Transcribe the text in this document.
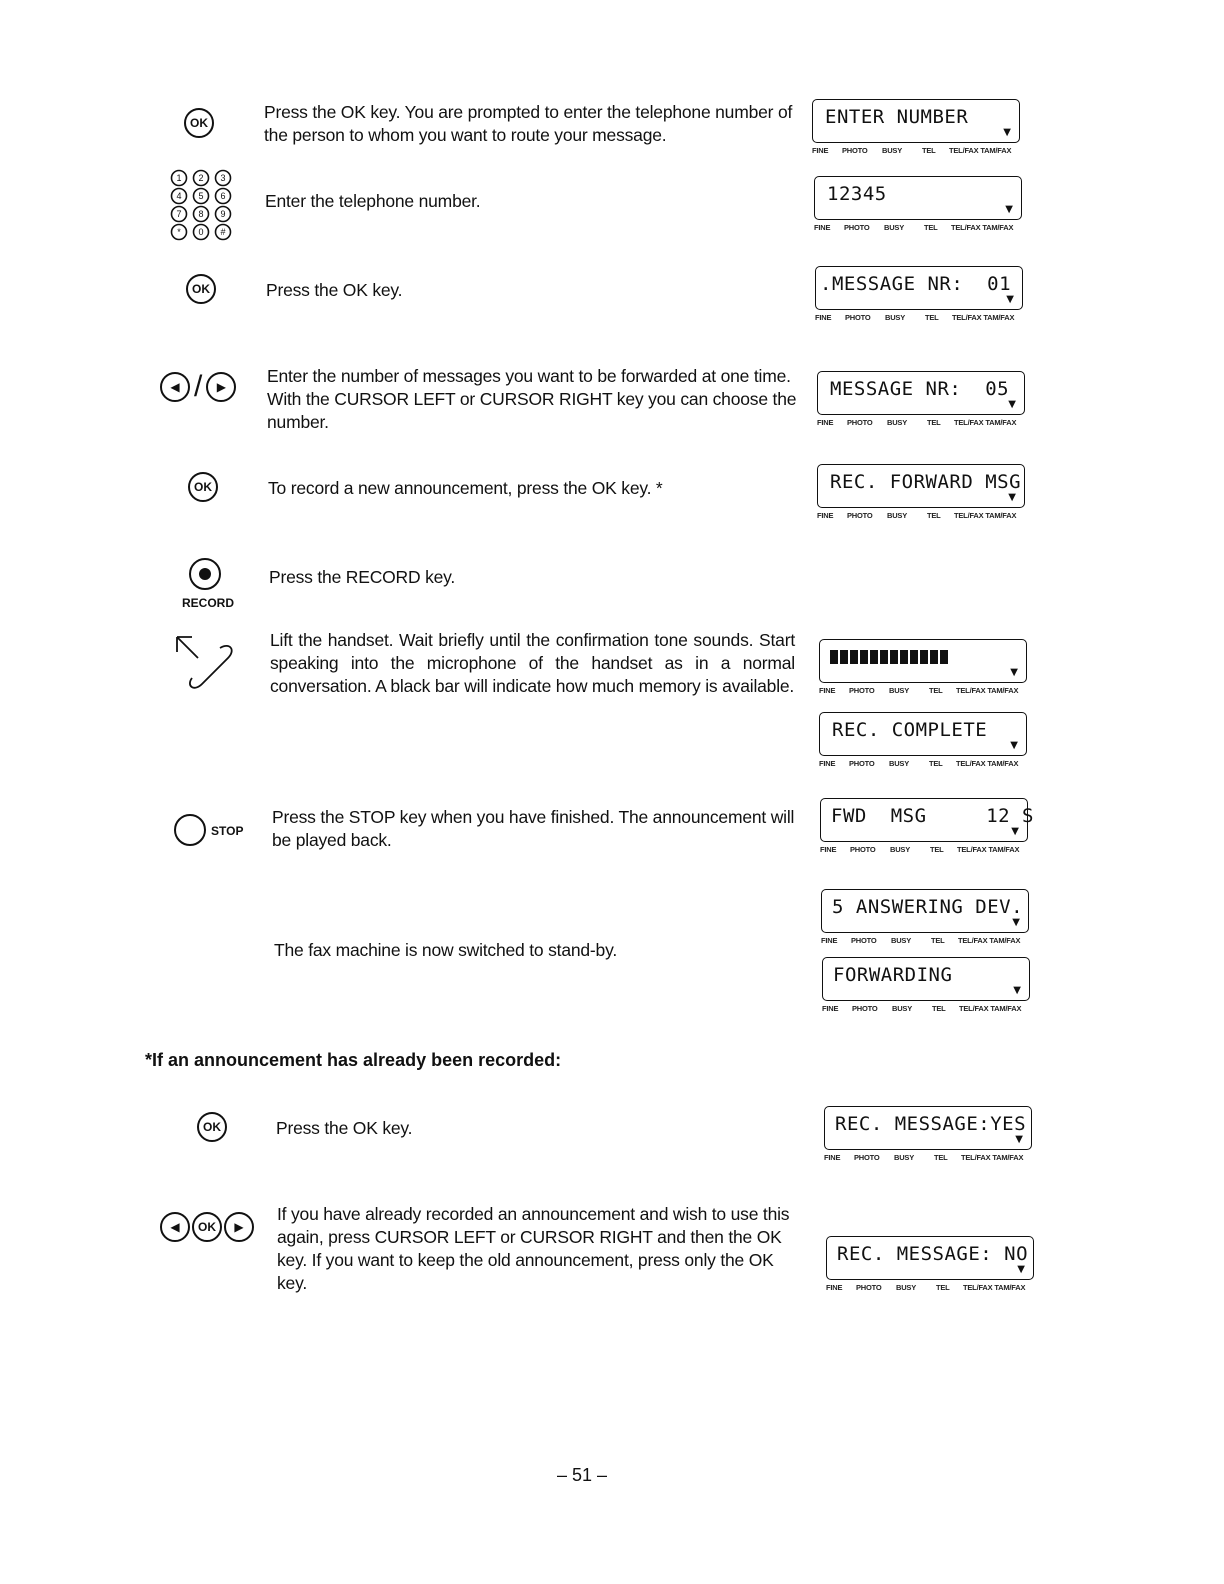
OK
Press the OK key. You are prompted to enter the telephone number of the person to whom you want to route your message.
ENTER NUMBER
▼
FINE	PHOTO	BUSY	TEL	TEL/FAX TAM/FAX
1 2 3
4 5 6
7 8 9
* 0 #
Enter the telephone number.	12345
▼
FINE	PHOTO	BUSY	TEL	TEL/FAX TAM/FAX
OK	Press the OK key.	.MESSAGE NR:  01
▼
FINE	PHOTO	BUSY	TEL	TEL/FAX TAM/FAX
◀ /	▶
Enter the number of messages you want to be forwarded at one time. With the CURSOR LEFT or CURSOR RIGHT key you can choose the number.
MESSAGE NR:  05
▼
FINE	PHOTO	BUSY	TEL	TEL/FAX TAM/FAX
OK	To record a new announcement, press the OK key. *	REC. FORWARD MSG
▼
FINE	PHOTO	BUSY	TEL	TEL/FAX TAM/FAX
RECORD
Press the RECORD key.
Lift the handset. Wait briefly until the confirmation tone sounds. Start speaking into the microphone of the handset as in a normal conversation. A black bar will indicate how much memory is available.
▼
FINE	PHOTO	BUSY	TEL	TEL/FAX TAM/FAX
REC. COMPLETE
▼
FINE	PHOTO	BUSY	TEL	TEL/FAX TAM/FAX
STOP
Press the STOP key when you have finished. The announcement will be played back.
FWD  MSG     12 S
▼
FINE	PHOTO	BUSY	TEL	TEL/FAX TAM/FAX
The fax machine is now switched to stand-by.
5 ANSWERING DEV.
▼
FINE	PHOTO	BUSY	TEL	TEL/FAX TAM/FAX
FORWARDING
▼
FINE	PHOTO	BUSY	TEL	TEL/FAX TAM/FAX
*If an announcement has already been recorded:
OK	Press the OK key.	REC. MESSAGE:YES
▼
FINE	PHOTO	BUSY	TEL	TEL/FAX TAM/FAX
◀	OK	▶
If you have already recorded an announcement and wish to use this again, press CURSOR LEFT or CURSOR RIGHT and then the OK key. If you want to keep the old announcement, press only the OK key.
REC. MESSAGE: NO
▼
FINE	PHOTO	BUSY	TEL	TEL/FAX TAM/FAX
– 51 –
